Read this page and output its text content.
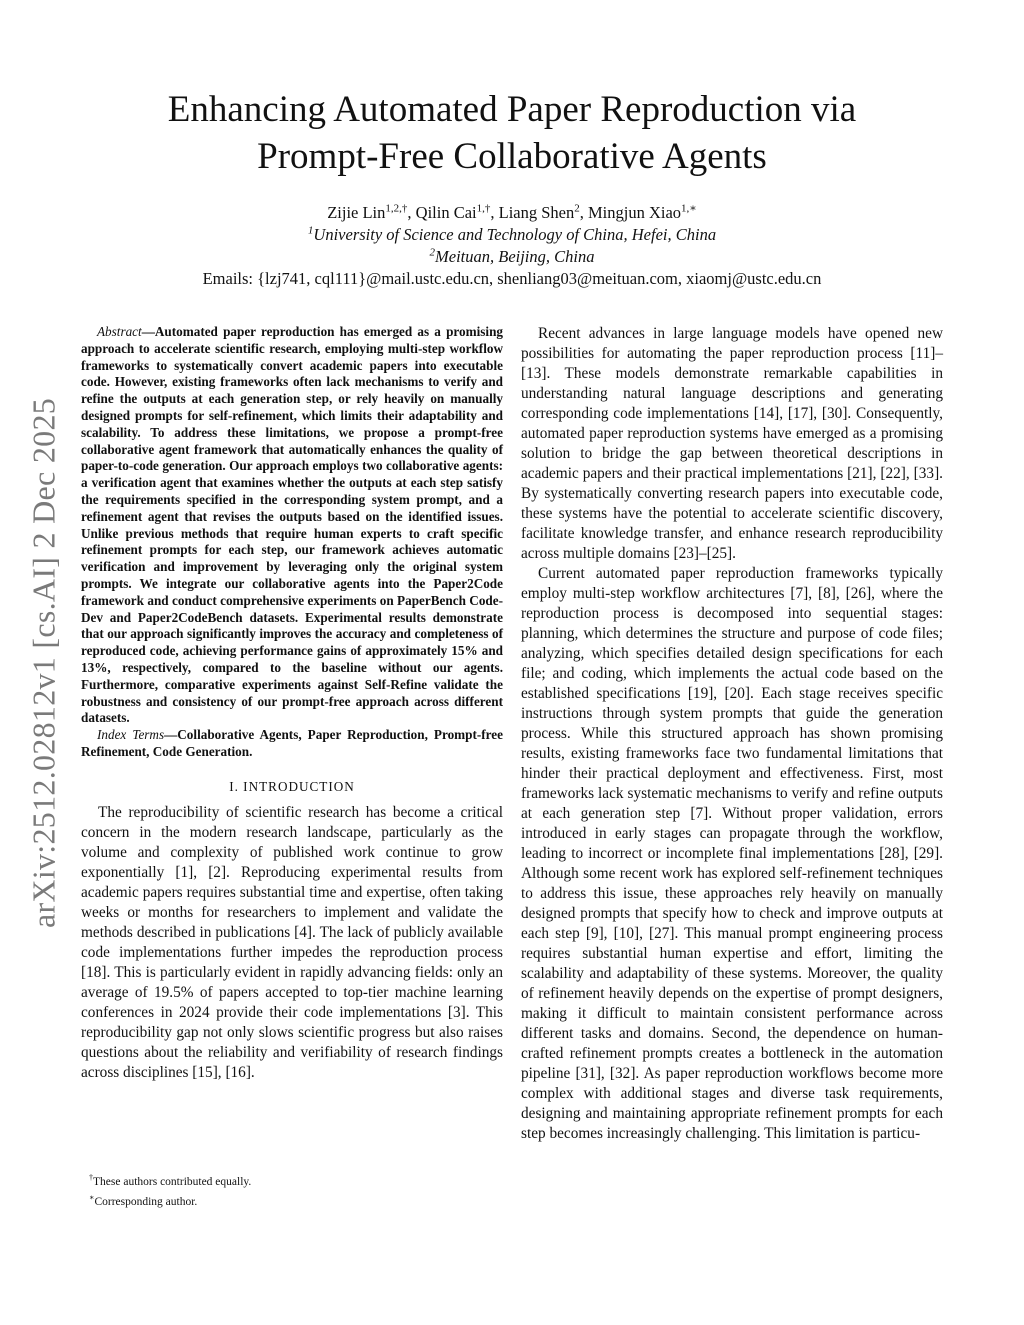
arXiv:2512.02812v1 [cs.AI] 2 Dec 2025
Enhancing Automated Paper Reproduction via
Prompt-Free Collaborative Agents
Zijie Lin$^{1,2,\dagger}$, Qilin Cai$^{1,\dagger}$, Liang Shen$^2$, Mingjun Xiao$^{1,∗}$
$^1$University of Science and Technology of China, Hefei, China
$^2$Meituan, Beijing, China
Emails: {lzj741, cql111}@mail.ustc.edu.cn, shenliang03@meituan.com, xiaomj@ustc.edu.cn

Abstract—Automated paper reproduction has emerged as a promising approach to accelerate scientific research, employing multi-step workflow frameworks to systematically convert academic papers into executable code. However, existing frameworks often lack mechanisms to verify and refine the outputs at each generation step, or rely heavily on manually designed prompts for self-refinement, which limits their adaptability and scalability. To address these limitations, we propose a prompt-free collaborative agent framework that automatically enhances the quality of paper-to-code generation. Our approach employs two collaborative agents: a verification agent that examines whether the outputs at each step satisfy the requirements specified in the corresponding system prompt, and a refinement agent that revises the outputs based on the identified issues. Unlike previous methods that require human experts to craft specific refinement prompts for each step, our framework achieves automatic verification and improvement by leveraging only the original system prompts. We integrate our collaborative agents into the Paper2Code framework and conduct comprehensive experiments on PaperBench Code-Dev and Paper2CodeBench datasets. Experimental results demonstrate that our approach significantly improves the accuracy and completeness of reproduced code, achieving performance gains of approximately 15% and 13%, respectively, compared to the baseline without our agents. Furthermore, comparative experiments against Self-Refine validate the robustness and consistency of our prompt-free approach across different datasets.

Index Terms—Collaborative Agents, Paper Reproduction, Prompt-free Refinement, Code Generation.

I. INTRODUCTION

The reproducibility of scientific research has become a critical concern in the modern research landscape, particularly as the volume and complexity of published work continue to grow exponentially [1], [2]. Reproducing experimental results from academic papers requires substantial time and expertise, often taking weeks or months for researchers to implement and validate the methods described in publications [4]. The lack of publicly available code implementations further impedes the reproduction process [18]. This is particularly evident in rapidly advancing fields: only an average of 19.5% of papers accepted to top-tier machine learning conferences in 2024 provide their code implementations [3]. This reproducibility gap not only slows scientific progress but also raises questions about the reliability and verifiability of research findings across disciplines [15], [16].

†These authors contributed equally.
∗Corresponding author.

Recent advances in large language models have opened new possibilities for automating the paper reproduction process [11]–[13]. These models demonstrate remarkable capabilities in understanding natural language descriptions and generating corresponding code implementations [14], [17], [30]. Consequently, automated paper reproduction systems have emerged as a promising solution to bridge the gap between theoretical descriptions in academic papers and their practical implementations [21], [22], [33]. By systematically converting research papers into executable code, these systems have the potential to accelerate scientific discovery, facilitate knowledge transfer, and enhance research reproducibility across multiple domains [23]–[25].

Current automated paper reproduction frameworks typically employ multi-step workflow architectures [7], [8], [26], where the reproduction process is decomposed into sequential stages: planning, which determines the structure and purpose of code files; analyzing, which specifies detailed design specifications for each file; and coding, which implements the actual code based on the established specifications [19], [20]. Each stage receives specific instructions through system prompts that guide the generation process. While this structured approach has shown promising results, existing frameworks face two fundamental limitations that hinder their practical deployment and effectiveness. First, most frameworks lack systematic mechanisms to verify and refine outputs at each generation step [7]. Without proper validation, errors introduced in early stages can propagate through the workflow, leading to incorrect or incomplete final implementations [28], [29]. Although some recent work has explored self-refinement techniques to address this issue, these approaches rely heavily on manually designed prompts that specify how to check and improve outputs at each step [9], [10], [27]. This manual prompt engineering process requires substantial human expertise and effort, limiting the scalability and adaptability of these systems. Moreover, the quality of refinement heavily depends on the expertise of prompt designers, making it difficult to maintain consistent performance across different tasks and domains. Second, the dependence on human-crafted refinement prompts creates a bottleneck in the automation pipeline [31], [32]. As paper reproduction workflows become more complex with additional stages and diverse task requirements, designing and maintaining appropriate refinement prompts for each step becomes increasingly challenging. This limitation is particu-
